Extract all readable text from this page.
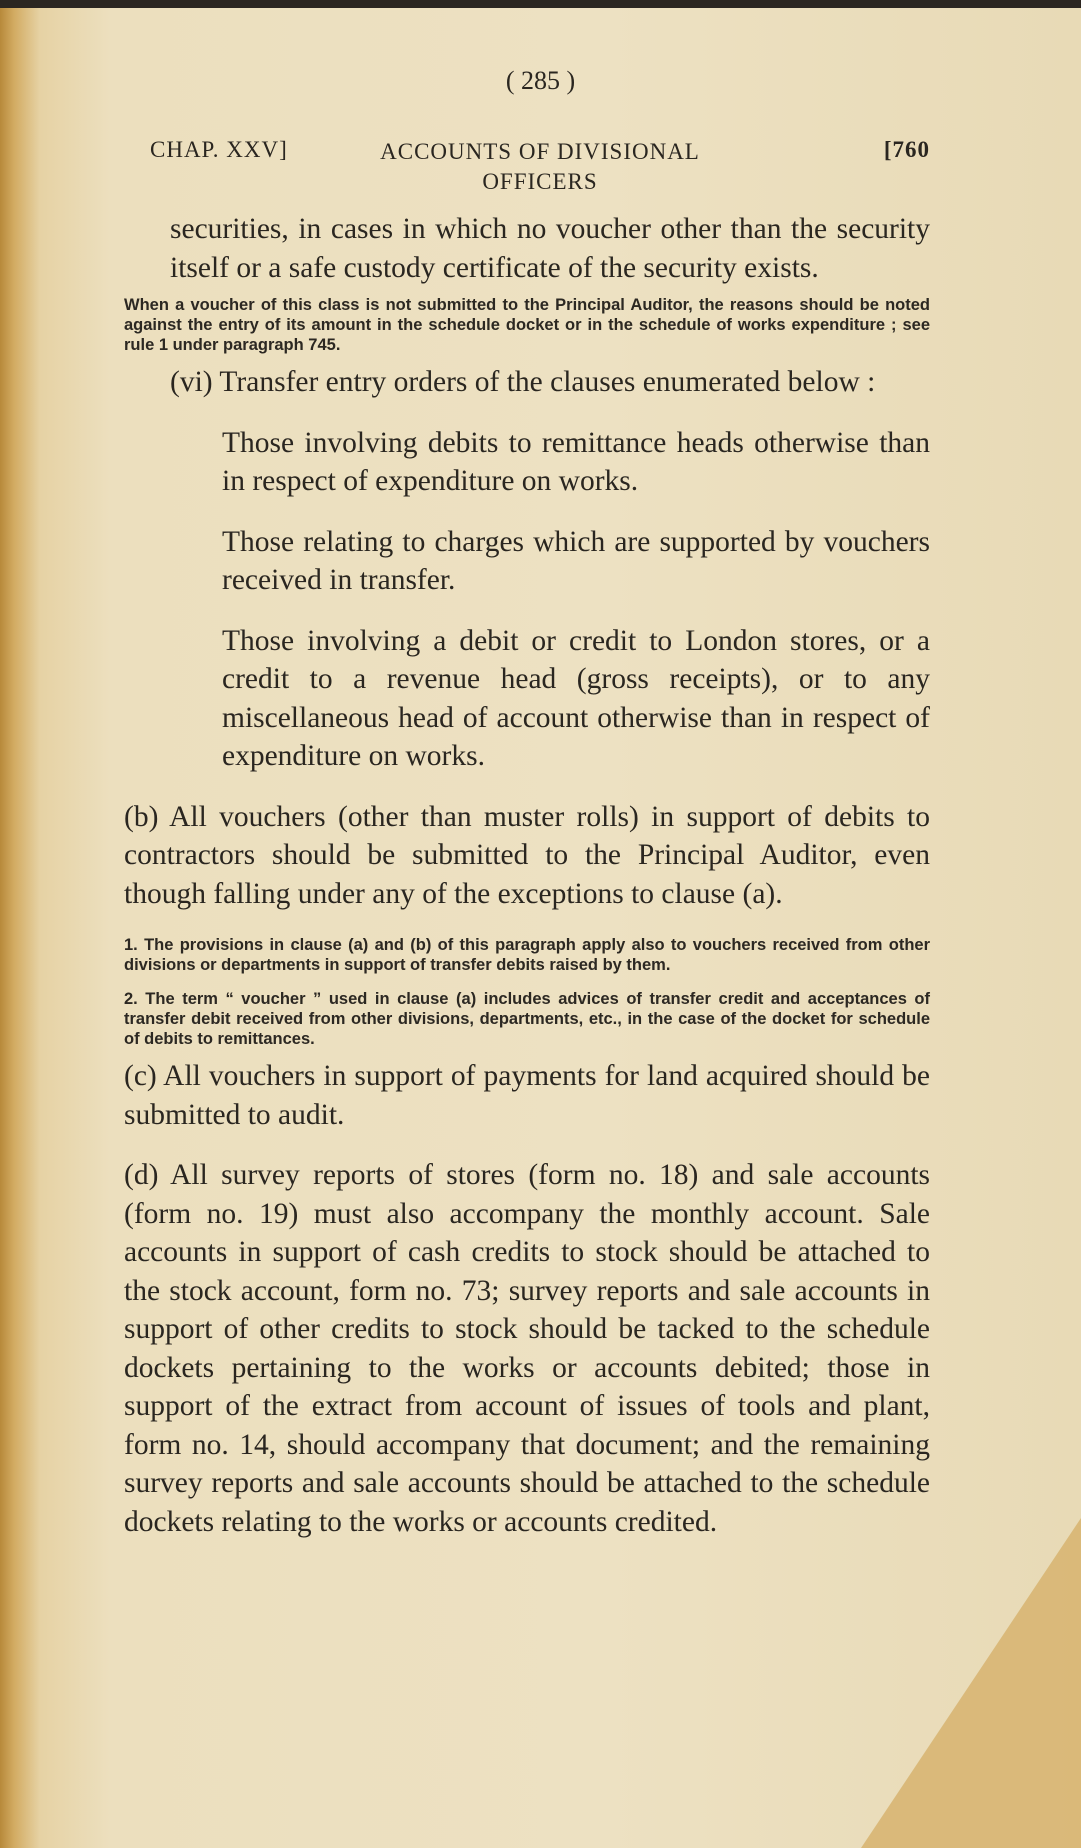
( 285 )
CHAP. XXV]	ACCOUNTS OF DIVISIONAL
OFFICERS
[760

securities, in cases in which no voucher other than the security itself or a safe custody certificate of the security exists.

When a voucher of this class is not submitted to the Principal Auditor, the reasons should be noted against the entry of its amount in the schedule docket or in the schedule of works expenditure ; see rule 1 under paragraph 745.

(vi) Transfer entry orders of the clauses enumerated below :

Those involving debits to remittance heads otherwise than in respect of expenditure on works.

Those relating to charges which are supported by vouchers received in transfer.

Those involving a debit or credit to London stores, or a credit to a revenue head (gross receipts), or to any miscellaneous head of account otherwise than in respect of expenditure on works.

(b) All vouchers (other than muster rolls) in support of debits to contractors should be submitted to the Principal Auditor, even though falling under any of the exceptions to clause (a).

1. The provisions in clause (a) and (b) of this paragraph apply also to vouchers received from other divisions or departments in support of transfer debits raised by them.

2. The term “ voucher ” used in clause (a) includes advices of transfer credit and acceptances of transfer debit received from other divisions, departments, etc., in the case of the docket for schedule of debits to remittances.

(c) All vouchers in support of payments for land acquired should be submitted to audit.

(d) All survey reports of stores (form no. 18) and sale accounts (form no. 19) must also accompany the monthly account. Sale accounts in support of cash credits to stock should be attached to the stock account, form no. 73; survey reports and sale accounts in support of other credits to stock should be tacked to the schedule dockets pertaining to the works or accounts debited; those in support of the extract from account of issues of tools and plant, form no. 14, should accompany that document; and the remaining survey reports and sale accounts should be attached to the schedule dockets relating to the works or accounts credited.
